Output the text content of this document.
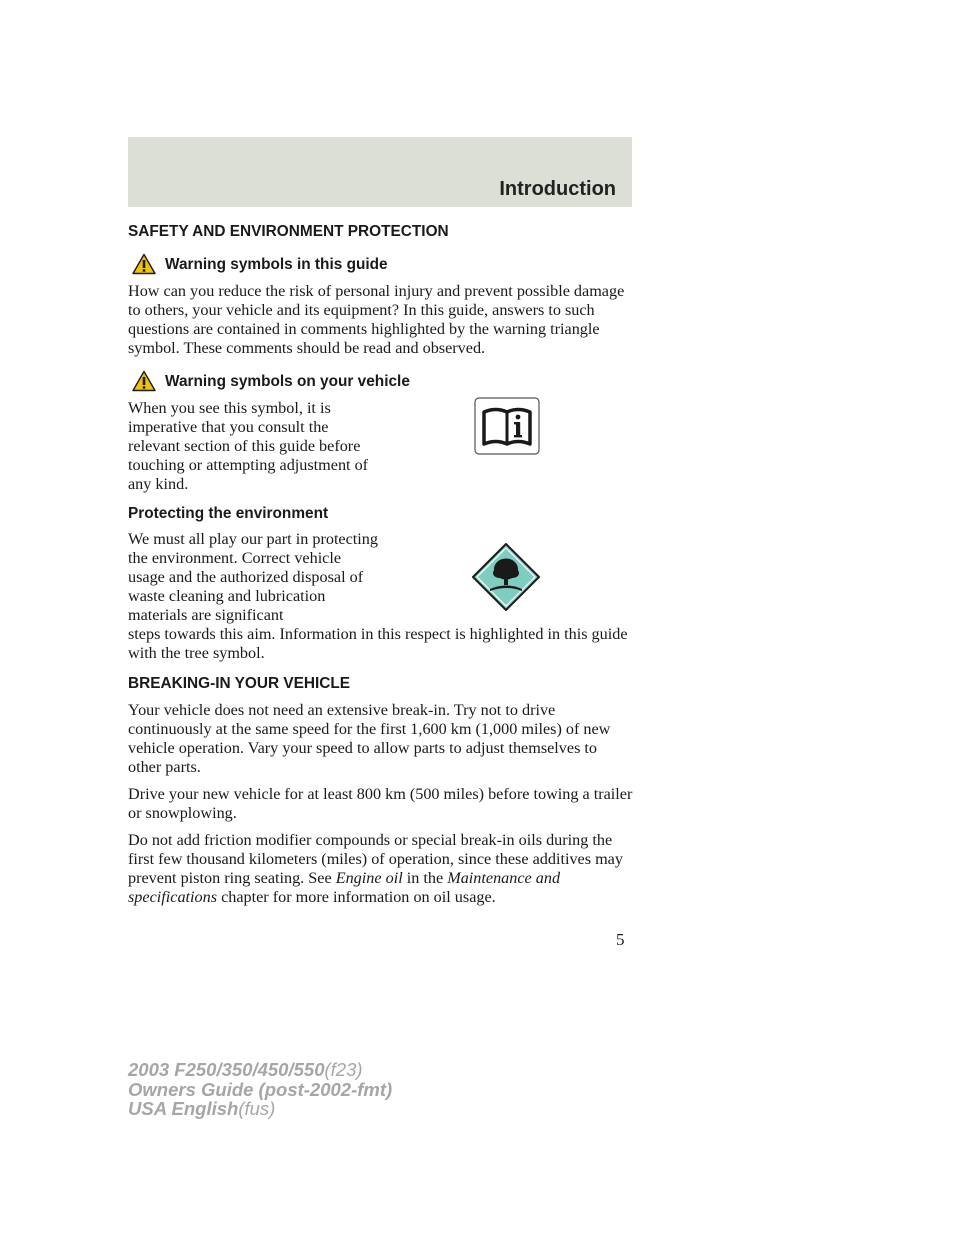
Introduction
SAFETY AND ENVIRONMENT PROTECTION
Warning symbols in this guide

How can you reduce the risk of personal injury and prevent possible damage to others, your vehicle and its equipment? In this guide, answers to such questions are contained in comments highlighted by the warning triangle symbol. These comments should be read and observed.

Warning symbols on your vehicle

When you see this symbol, it is imperative that you consult the relevant section of this guide before touching or attempting adjustment of any kind.

Protecting the environment

We must all play our part in protecting the environment. Correct vehicle usage and the authorized disposal of waste cleaning and lubrication materials are significant

steps towards this aim. Information in this respect is highlighted in this guide with the tree symbol.

BREAKING-IN YOUR VEHICLE

Your vehicle does not need an extensive break-in. Try not to drive continuously at the same speed for the first 1,600 km (1,000 miles) of new vehicle operation. Vary your speed to allow parts to adjust themselves to other parts.

Drive your new vehicle for at least 800 km (500 miles) before towing a trailer or snowplowing.

Do not add friction modifier compounds or special break-in oils during the first few thousand kilometers (miles) of operation, since these additives may prevent piston ring seating. See Engine oil in the Maintenance and specifications chapter for more information on oil usage.

5
2003 F250/350/450/550(f23)
Owners Guide (post-2002-fmt)
USA English(fus)
